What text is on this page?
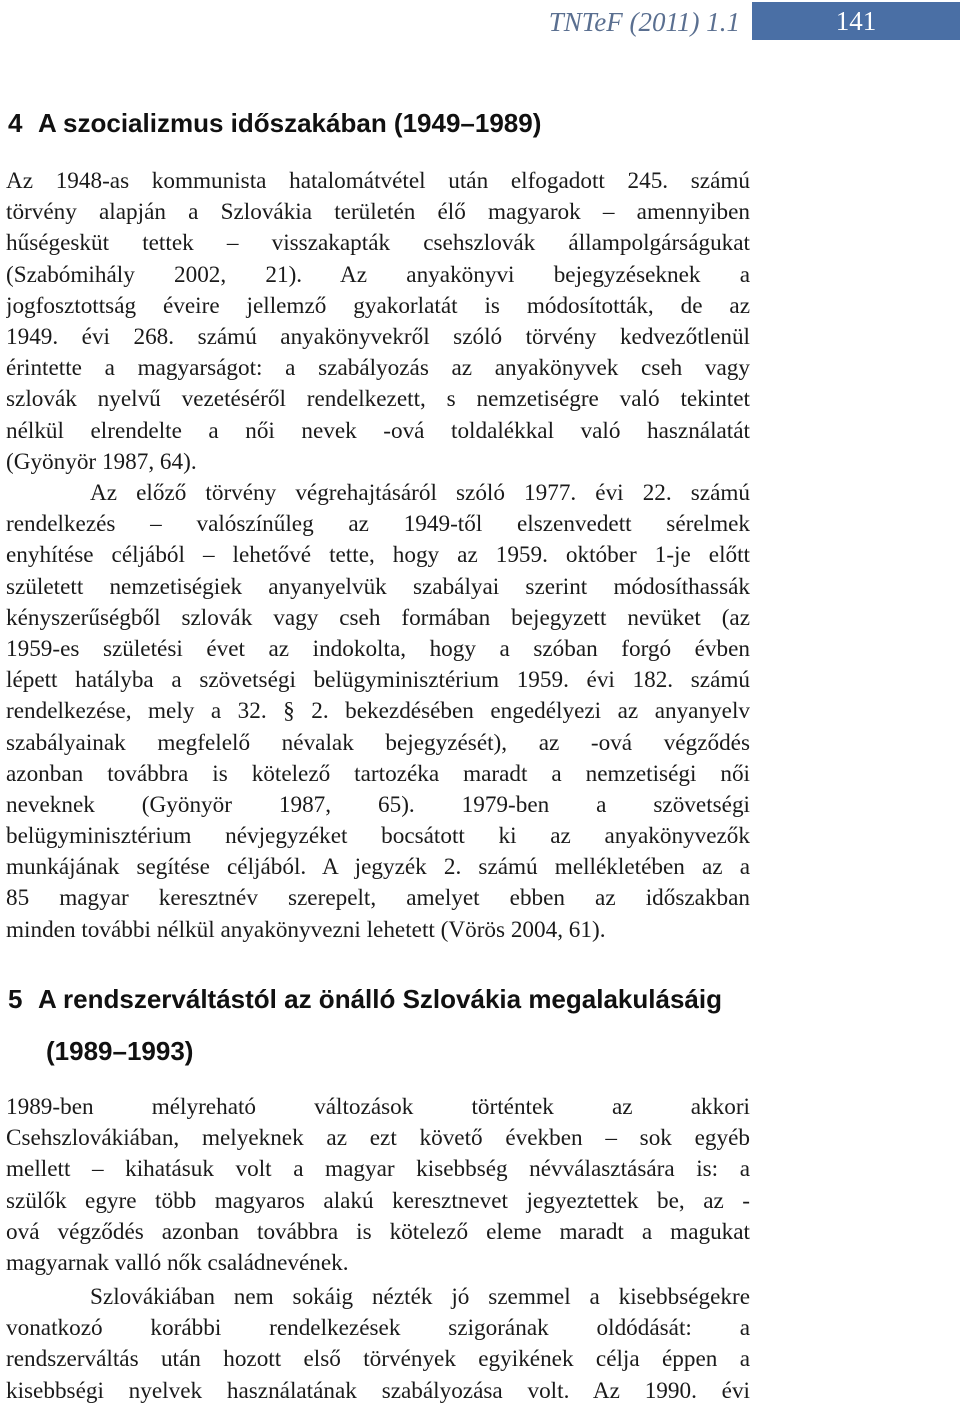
TNTeF (2011) 1.1	141
4 A szocializmus időszakában (1949–1989)
Az 1948-as kommunista hatalomátvétel után elfogadott 245. számú
törvény alapján a Szlovákia területén élő magyarok – amennyiben
hűségesküt tettek – visszakapták csehszlovák állampolgárságukat
(Szabómihály 2002, 21). Az anyakönyvi bejegyzéseknek a
jogfosztottság éveire jellemző gyakorlatát is módosították, de az
1949. évi 268. számú anyakönyvekről szóló törvény kedvezőtlenül
érintette a magyarságot: a szabályozás az anyakönyvek cseh vagy
szlovák nyelvű vezetéséről rendelkezett, s nemzetiségre való tekintet
nélkül elrendelte a női nevek -ová toldalékkal való használatát
(Gyönyör 1987, 64).
Az előző törvény végrehajtásáról szóló 1977. évi 22. számú
rendelkezés – valószínűleg az 1949-től elszenvedett sérelmek
enyhítése céljából – lehetővé tette, hogy az 1959. október 1-je előtt
született nemzetiségiek anyanyelvük szabályai szerint módosíthassák
kényszerűségből szlovák vagy cseh formában bejegyzett nevüket (az
1959-es születési évet az indokolta, hogy a szóban forgó évben
lépett hatályba a szövetségi belügyminisztérium 1959. évi 182. számú
rendelkezése, mely a 32. § 2. bekezdésében engedélyezi az anyanyelv
szabályainak megfelelő névalak bejegyzését), az -ová végződés
azonban továbbra is kötelező tartozéka maradt a nemzetiségi női
neveknek (Gyönyör 1987, 65). 1979-ben a szövetségi
belügyminisztérium névjegyzéket bocsátott ki az anyakönyvezők
munkájának segítése céljából. A jegyzék 2. számú mellékletében az a
85 magyar keresztnév szerepelt, amelyet ebben az időszakban
minden további nélkül anyakönyvezni lehetett (Vörös 2004, 61).
5 A rendszerváltástól az önálló Szlovákia megalakulásáig
(1989–1993)
1989-ben mélyreható változások történtek az akkori
Csehszlovákiában, melyeknek az ezt követő években – sok egyéb
mellett – kihatásuk volt a magyar kisebbség névválasztására is: a
szülők egyre több magyaros alakú keresztnevet jegyeztettek be, az -
ová végződés azonban továbbra is kötelező eleme maradt a magukat
magyarnak valló nők családnevének.
Szlovákiában nem sokáig nézték jó szemmel a kisebbségekre
vonatkozó korábbi rendelkezések szigorának oldódását: a
rendszerváltás után hozott első törvények egyikének célja éppen a
kisebbségi nyelvek használatának szabályozása volt. Az 1990. évi
